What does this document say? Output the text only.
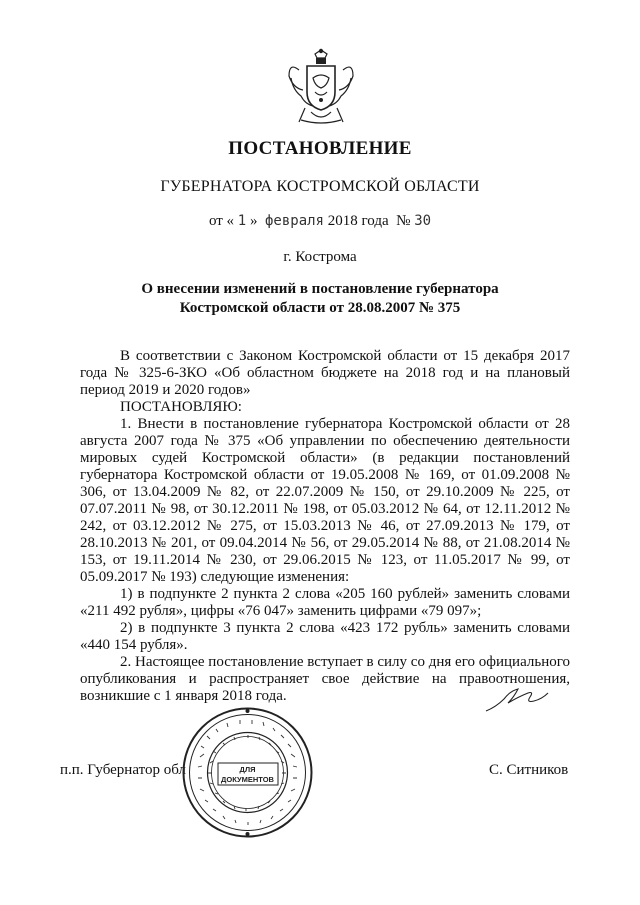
ПОСТАНОВЛЕНИЕ
ГУБЕРНАТОРА КОСТРОМСКОЙ ОБЛАСТИ
от « 1 » февраля 2018 года № 30
г. Кострома
О внесении изменений в постановление губернатора
Костромской области от 28.08.2007 № 375

В соответствии с Законом Костромской области от 15 декабря 2017 года № 325-6-ЗКО «Об областном бюджете на 2018 год и на плановый период 2019 и 2020 годов»

ПОСТАНОВЛЯЮ:

1. Внести в постановление губернатора Костромской области от 28 августа 2007 года № 375 «Об управлении по обеспечению деятельности мировых судей Костромской области» (в редакции постановлений губернатора Костромской области от 19.05.2008 № 169, от 01.09.2008 № 306, от 13.04.2009 № 82, от 22.07.2009 № 150, от 29.10.2009 № 225, от 07.07.2011 № 98, от 30.12.2011 № 198, от 05.03.2012 № 64, от 12.11.2012 № 242, от 03.12.2012 № 275, от 15.03.2013 № 46, от 27.09.2013 № 179, от 28.10.2013 № 201, от 09.04.2014 № 56, от 29.05.2014 № 88, от 21.08.2014 № 153, от 19.11.2014 № 230, от 29.06.2015 № 123, от 11.05.2017 № 99, от 05.09.2017 № 193) следующие изменения:

1) в подпункте 2 пункта 2 слова «205 160 рублей» заменить словами «211 492 рубля», цифры «76 047» заменить цифрами «79 097»;

2) в подпункте 3 пункта 2 слова «423 172 рубль» заменить словами «440 154 рубля».

2. Настоящее постановление вступает в силу со дня его официального опубликования и распространяет свое действие на правоотношения, возникшие с 1 января 2018 года.

п.п. Губернатор обл	ДЛЯ
ДОКУМЕНТОВ
С. Ситников
